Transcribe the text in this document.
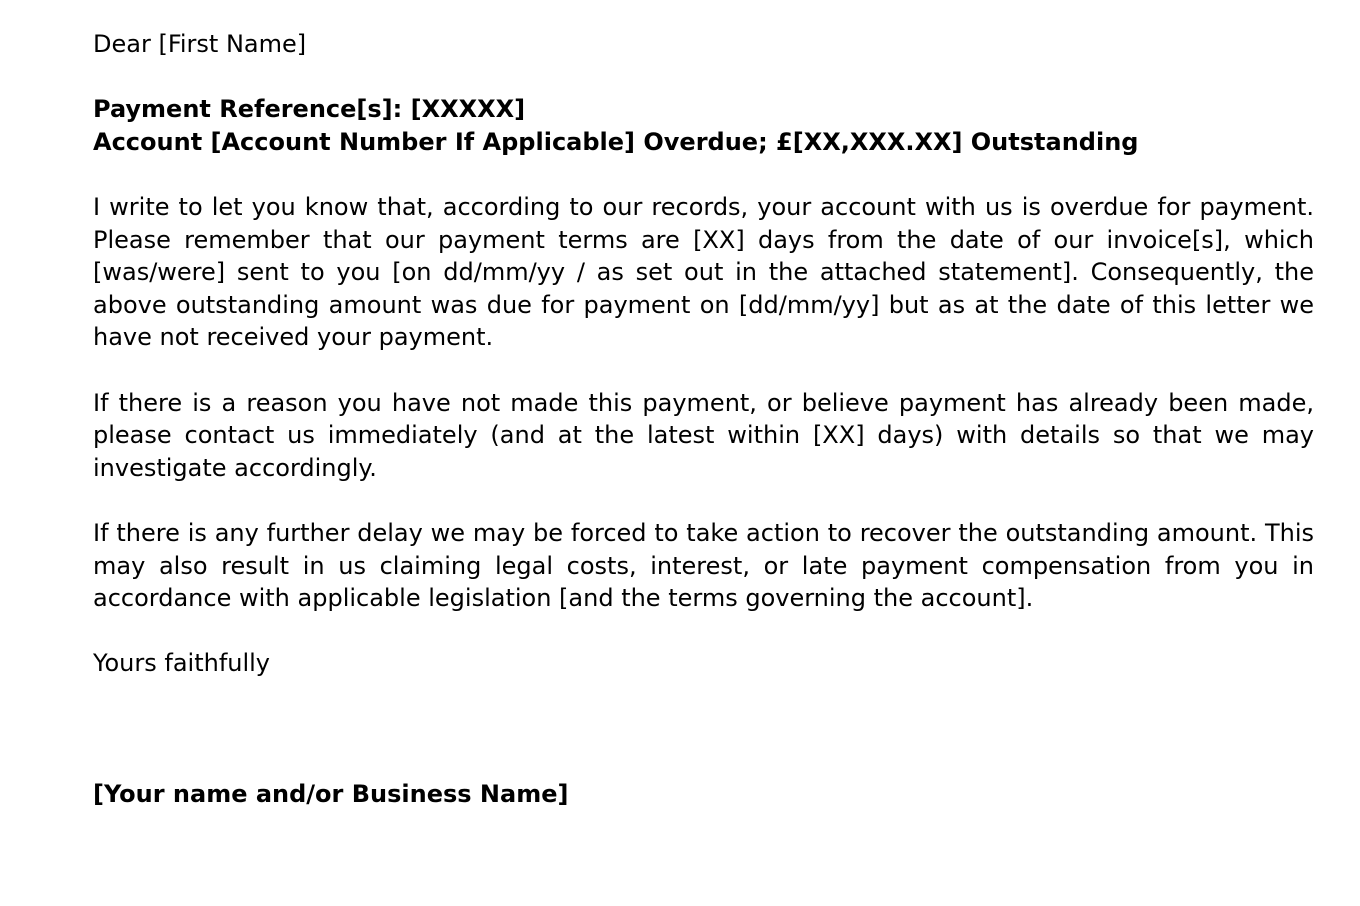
Dear [First Name]

Payment Reference[s]: [XXXXX]

Account [Account Number If Applicable] Overdue; £[XX,XXX.XX] Outstanding

I write to let you know that, according to our records, your account with us is overdue for payment. Please remember that our payment terms are [XX] days from the date of our invoice[s], which [was/were] sent to you [on dd/mm/yy / as set out in the attached statement]. Consequently, the above outstanding amount was due for payment on [dd/mm/yy] but as at the date of this letter we have not received your payment.

If there is a reason you have not made this payment, or believe payment has already been made, please contact us immediately (and at the latest within [XX] days) with details so that we may investigate accordingly.

If there is any further delay we may be forced to take action to recover the outstanding amount. This may also result in us claiming legal costs, interest, or late payment compensation from you in accordance with applicable legislation [and the terms governing the account].

Yours faithfully

[Your name and/or Business Name]
